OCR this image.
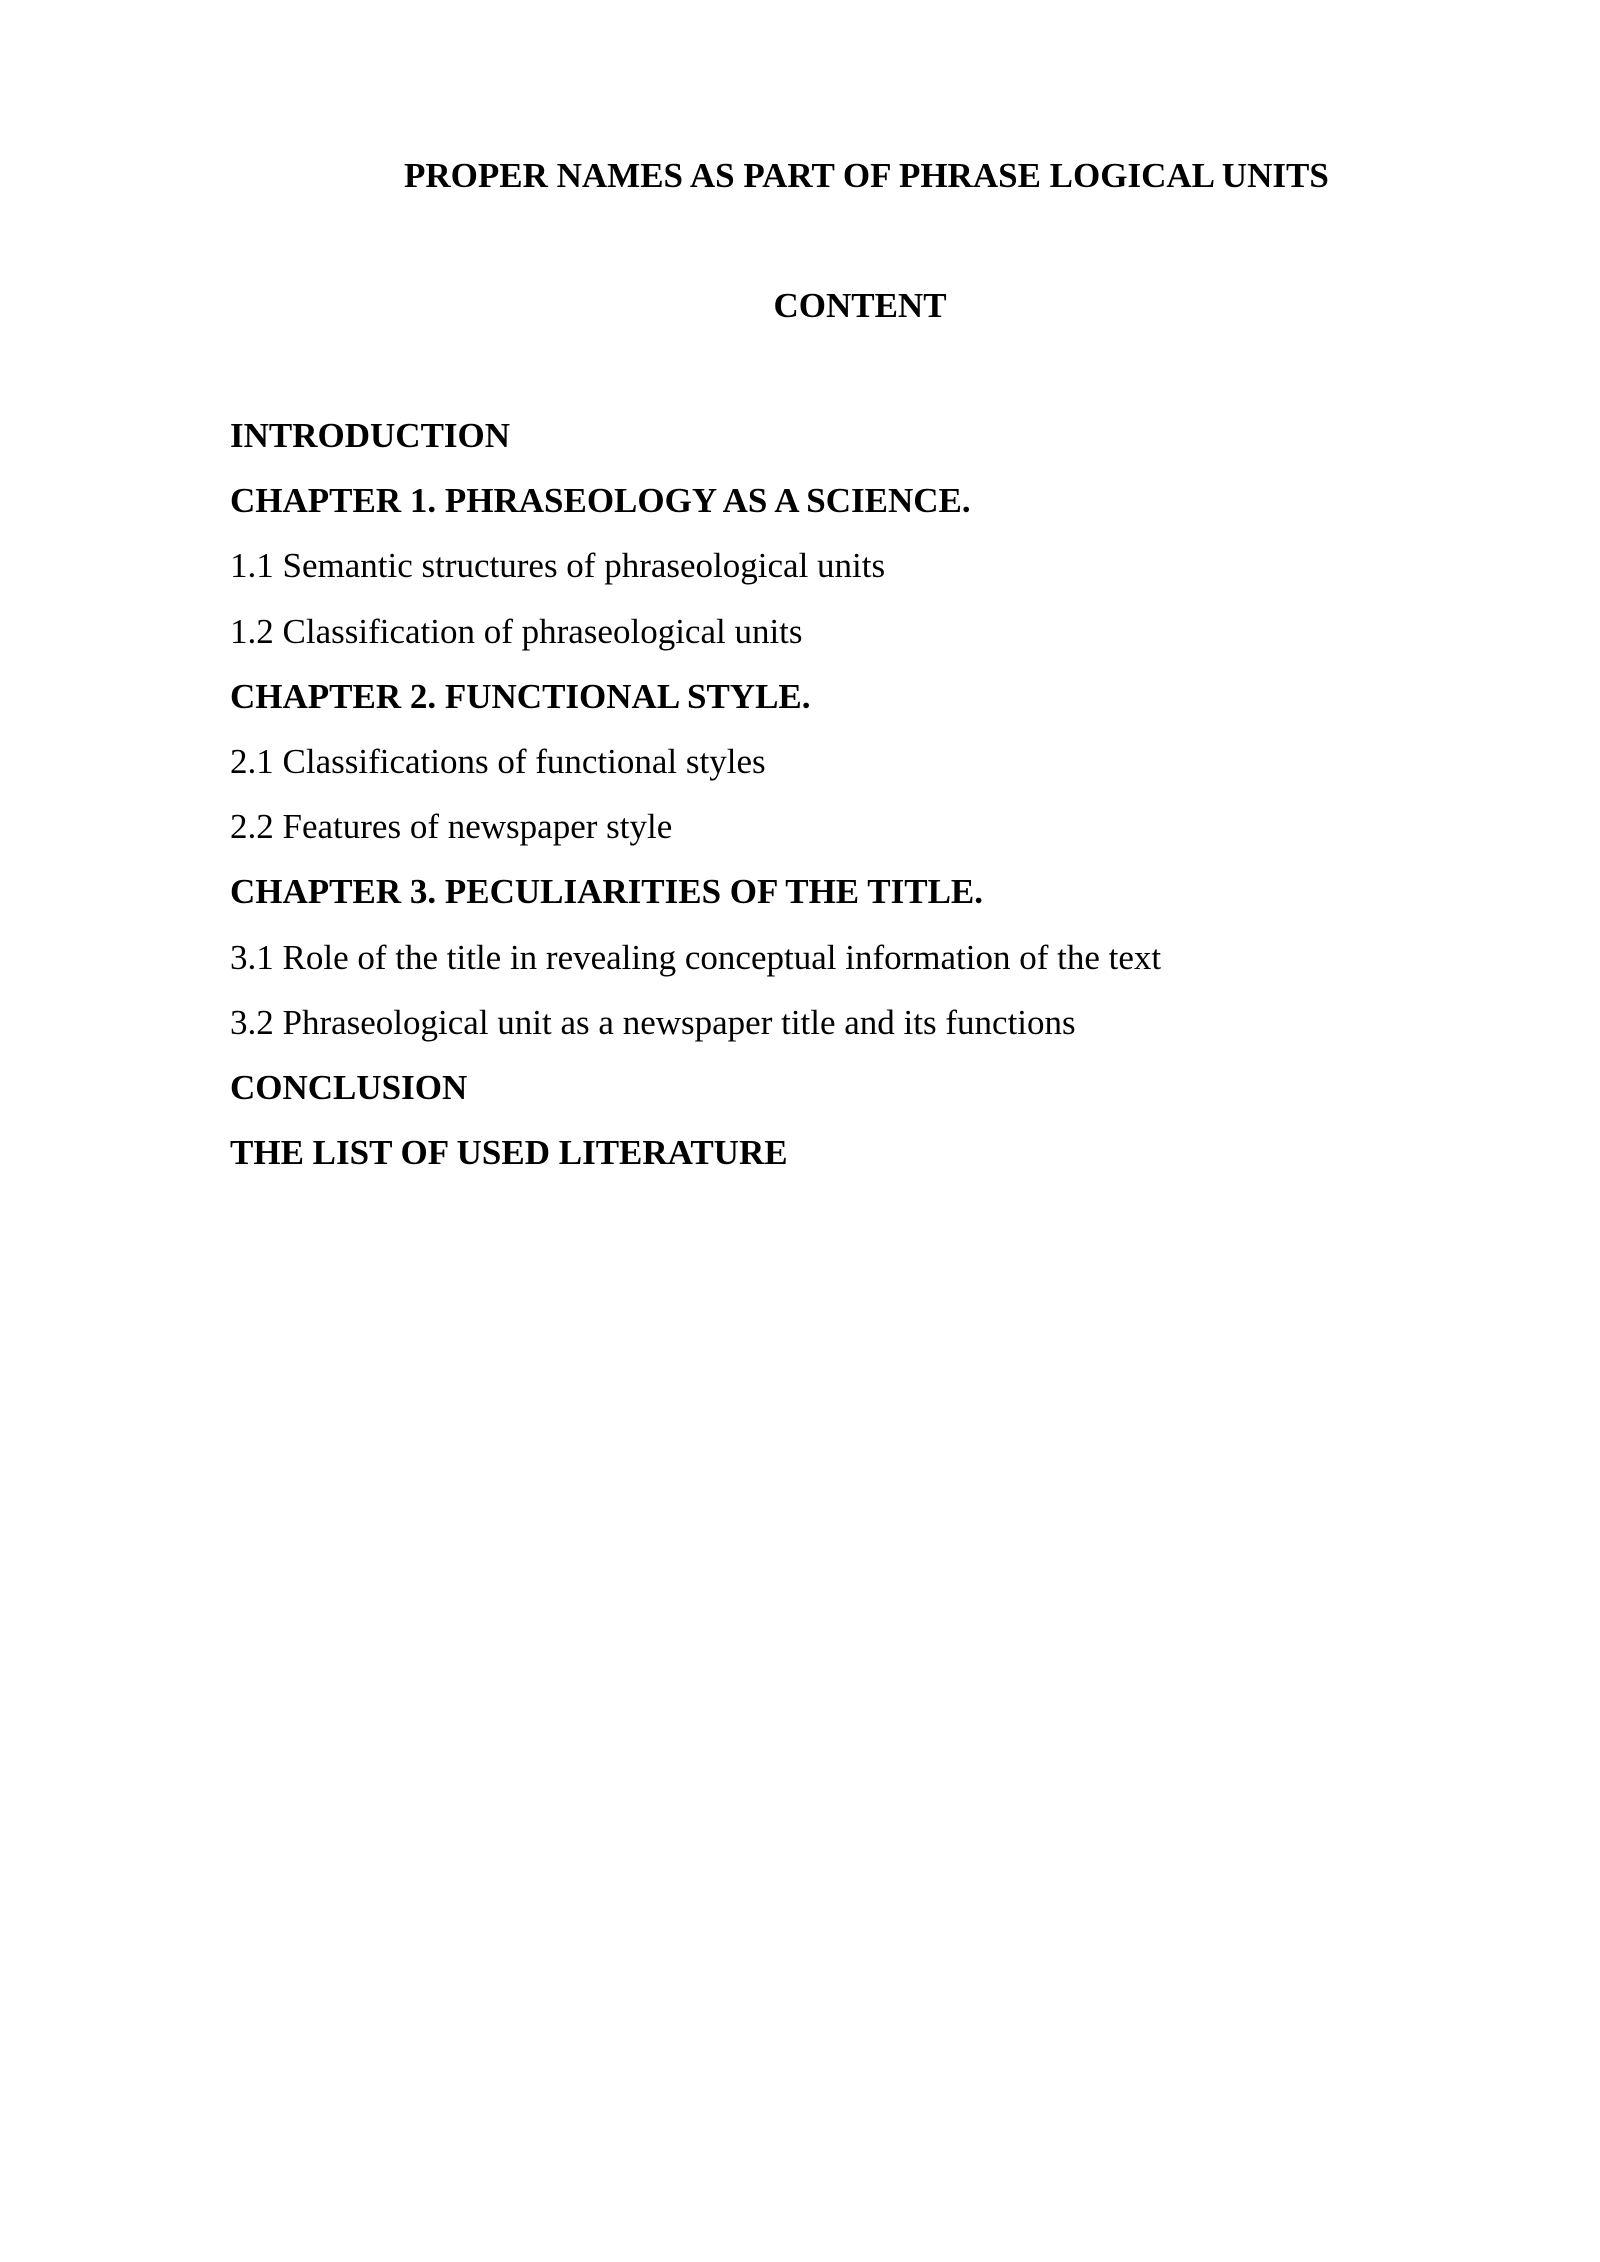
PROPER NAMES AS PART OF PHRASE LOGICAL UNITS
CONTENT
INTRODUCTION
CHAPTER 1. PHRASEOLOGY AS A SCIENCE.
1.1 Semantic structures of phraseological units
1.2 Classification of phraseological units
CHAPTER 2. FUNCTIONAL STYLE.
2.1 Classifications of functional styles
2.2 Features of newspaper style
CHAPTER 3. PECULIARITIES OF THE TITLE.
3.1 Role of the title in revealing conceptual information of the text
3.2 Phraseological unit as a newspaper title and its functions
CONCLUSION
THE LIST OF USED LITERATURE
